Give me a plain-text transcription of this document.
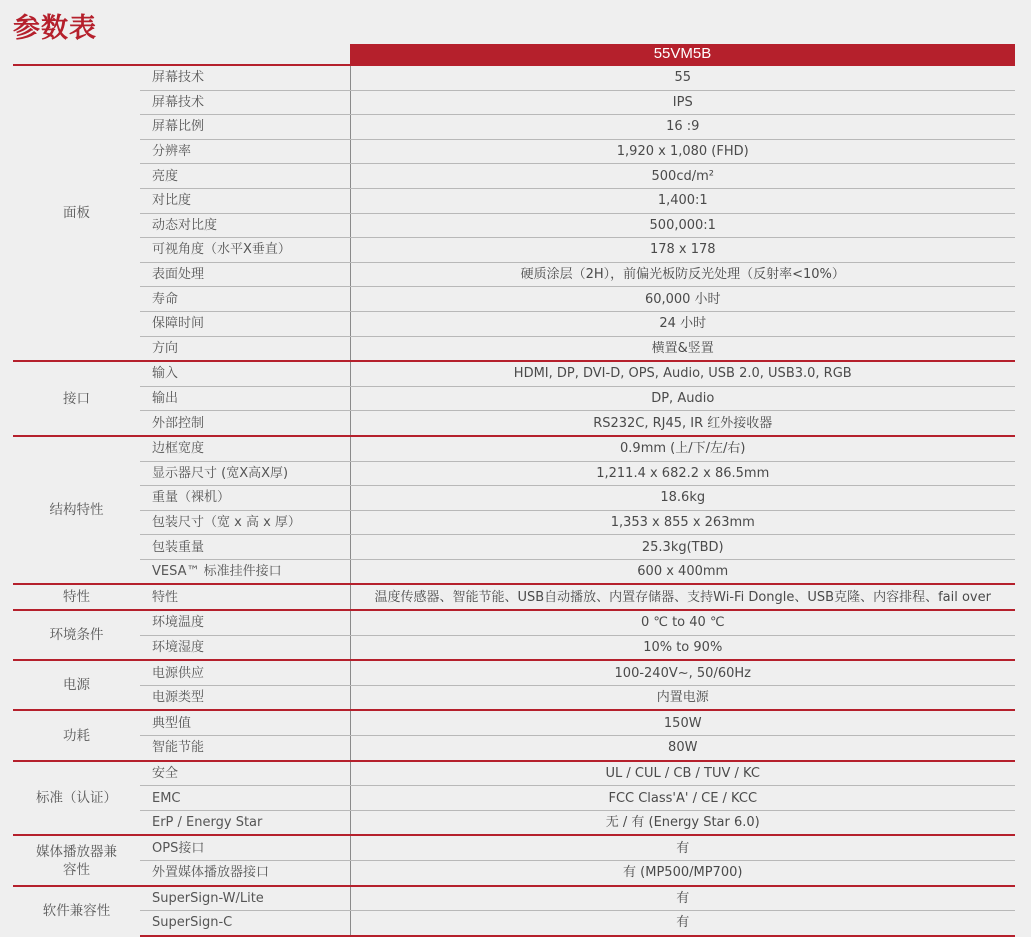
参数表
55VM5B
面板	屏幕技术	55
	屏幕技术	IPS
	屏幕比例	16 :9
	分辨率	1,920 x 1,080 (FHD)
	亮度	500cd/m²
	对比度	1,400:1
	动态对比度	500,000:1
	可视角度（水平X垂直）	178 x 178
	表面处理	硬质涂层（2H），前偏光板防反光处理（反射率<10%）
	寿命	60,000 小时
	保障时间	24 小时
	方向	横置&竖置
接口	输入	HDMI, DP, DVI-D, OPS, Audio, USB 2.0, USB3.0, RGB
	输出	DP, Audio
	外部控制	RS232C, RJ45, IR 红外接收器
结构特性	边框宽度	0.9mm (上/下/左/右)
	显示器尺寸 (宽X高X厚)	1,211.4 x 682.2 x 86.5mm
	重量（裸机）	18.6kg
	包装尺寸（宽 x 高 x 厚）	1,353 x 855 x 263mm
	包装重量	25.3kg(TBD)
	VESA™ 标准挂件接口	600 x 400mm
特性	特性	温度传感器、智能节能、USB自动播放、内置存储器、支持Wi-Fi Dongle、USB克隆、内容排程、fail over
环境条件	环境温度	0 ℃ to 40 ℃
	环境湿度	10% to 90%
电源	电源供应	100-240V~, 50/60Hz
	电源类型	内置电源
功耗	典型值	150W
	智能节能	80W
标准（认证）	安全	UL / CUL / CB / TUV / KC
	EMC	FCC Class'A' / CE / KCC
	ErP / Energy Star	无 / 有 (Energy Star 6.0)
媒体播放器兼容性	OPS接口	有
	外置媒体播放器接口	有 (MP500/MP700)
软件兼容性	SuperSign-W/Lite	有
	SuperSign-C	有
